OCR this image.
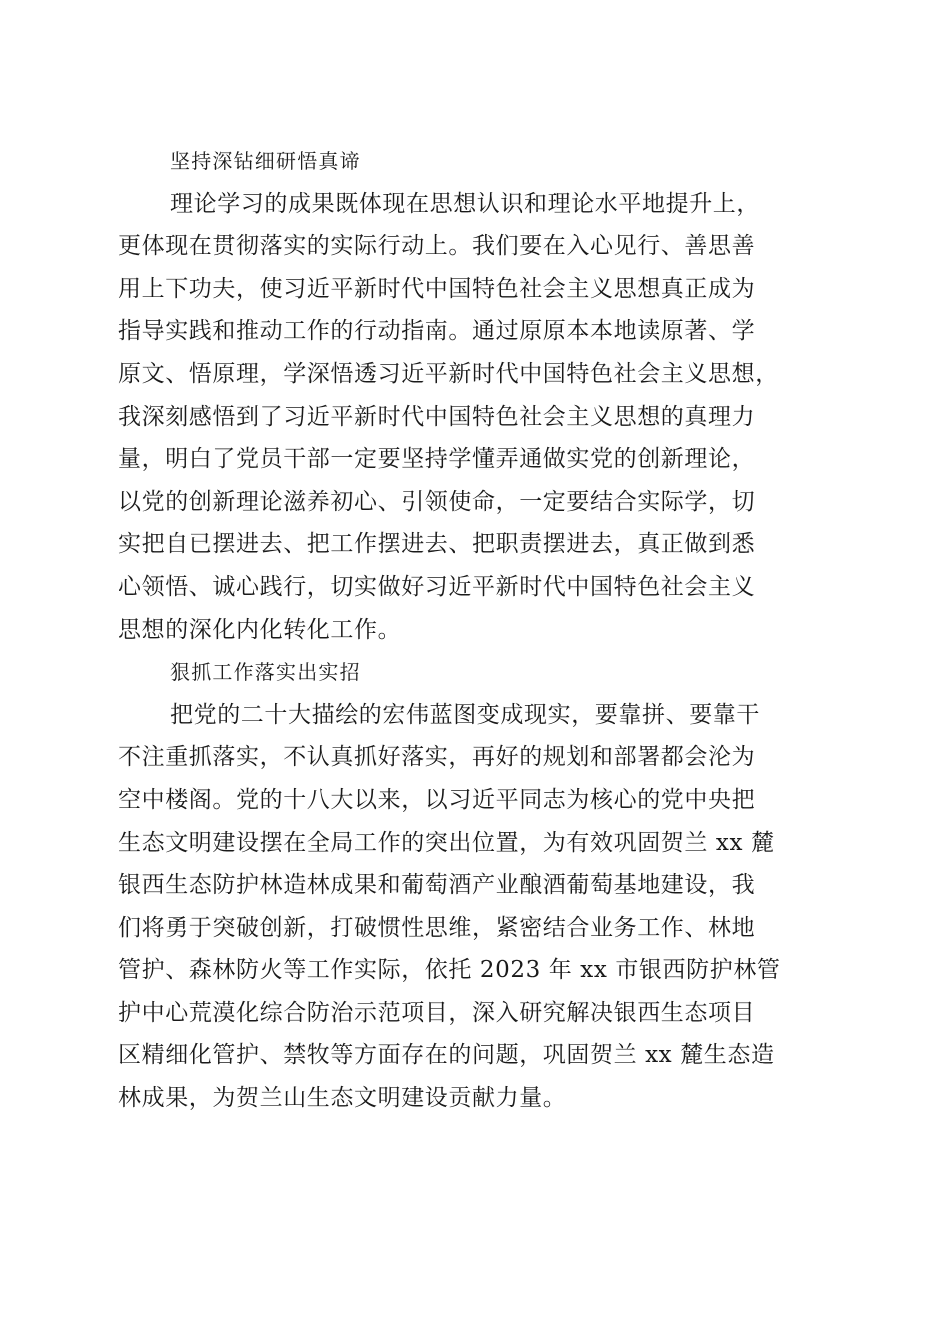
坚持深钻细研悟真谛
理论学习的成果既体现在思想认识和理论水平地提升上，
更体现在贯彻落实的实际行动上。我们要在入心见行、善思善
用上下功夫，使习近平新时代中国特色社会主义思想真正成为
指导实践和推动工作的行动指南。通过原原本本地读原著、学
原文、悟原理，学深悟透习近平新时代中国特色社会主义思想，
我深刻感悟到了习近平新时代中国特色社会主义思想的真理力
量，明白了党员干部一定要坚持学懂弄通做实党的创新理论，
以党的创新理论滋养初心、引领使命，一定要结合实际学，切
实把自已摆进去、把工作摆进去、把职责摆进去，真正做到悉
心领悟、诚心践行，切实做好习近平新时代中国特色社会主义
思想的深化内化转化工作。
狠抓工作落实出实招
把党的二十大描绘的宏伟蓝图变成现实，要靠拼、要靠干
不注重抓落实，不认真抓好落实，再好的规划和部署都会沦为
空中楼阁。党的十八大以来，以习近平同志为核心的党中央把
生态文明建设摆在全局工作的突出位置，为有效巩固贺兰 xx 麓
银西生态防护林造林成果和葡萄酒产业酿酒葡萄基地建设，我
们将勇于突破创新，打破惯性思维，紧密结合业务工作、林地
管护、森林防火等工作实际，依托 2023 年 xx 市银西防护林管
护中心荒漠化综合防治示范项目，深入研究解决银西生态项目
区精细化管护、禁牧等方面存在的问题，巩固贺兰 xx 麓生态造
林成果，为贺兰山生态文明建设贡献力量。
